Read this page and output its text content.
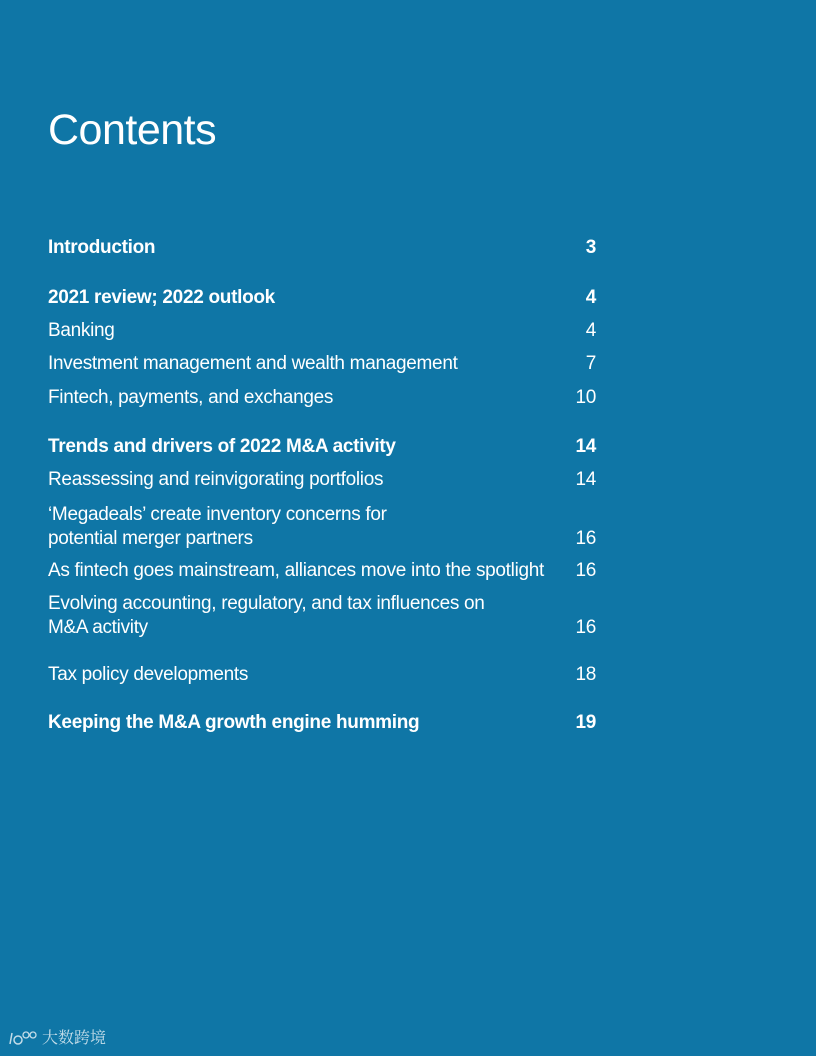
Contents
Introduction	3
2021 review; 2022 outlook	4
Banking	4
Investment management and wealth management	7
Fintech, payments, and exchanges	10
Trends and drivers of 2022 M&A activity	14
Reassessing and reinvigorating portfolios	14
‘Megadeals’ create inventory concerns for
potential merger partners	16
As fintech goes mainstream, alliances move into the spotlight	16
Evolving accounting, regulatory, and tax influences on
M&A activity	16
Tax policy developments	18
Keeping the M&A growth engine humming	19
大数跨境
